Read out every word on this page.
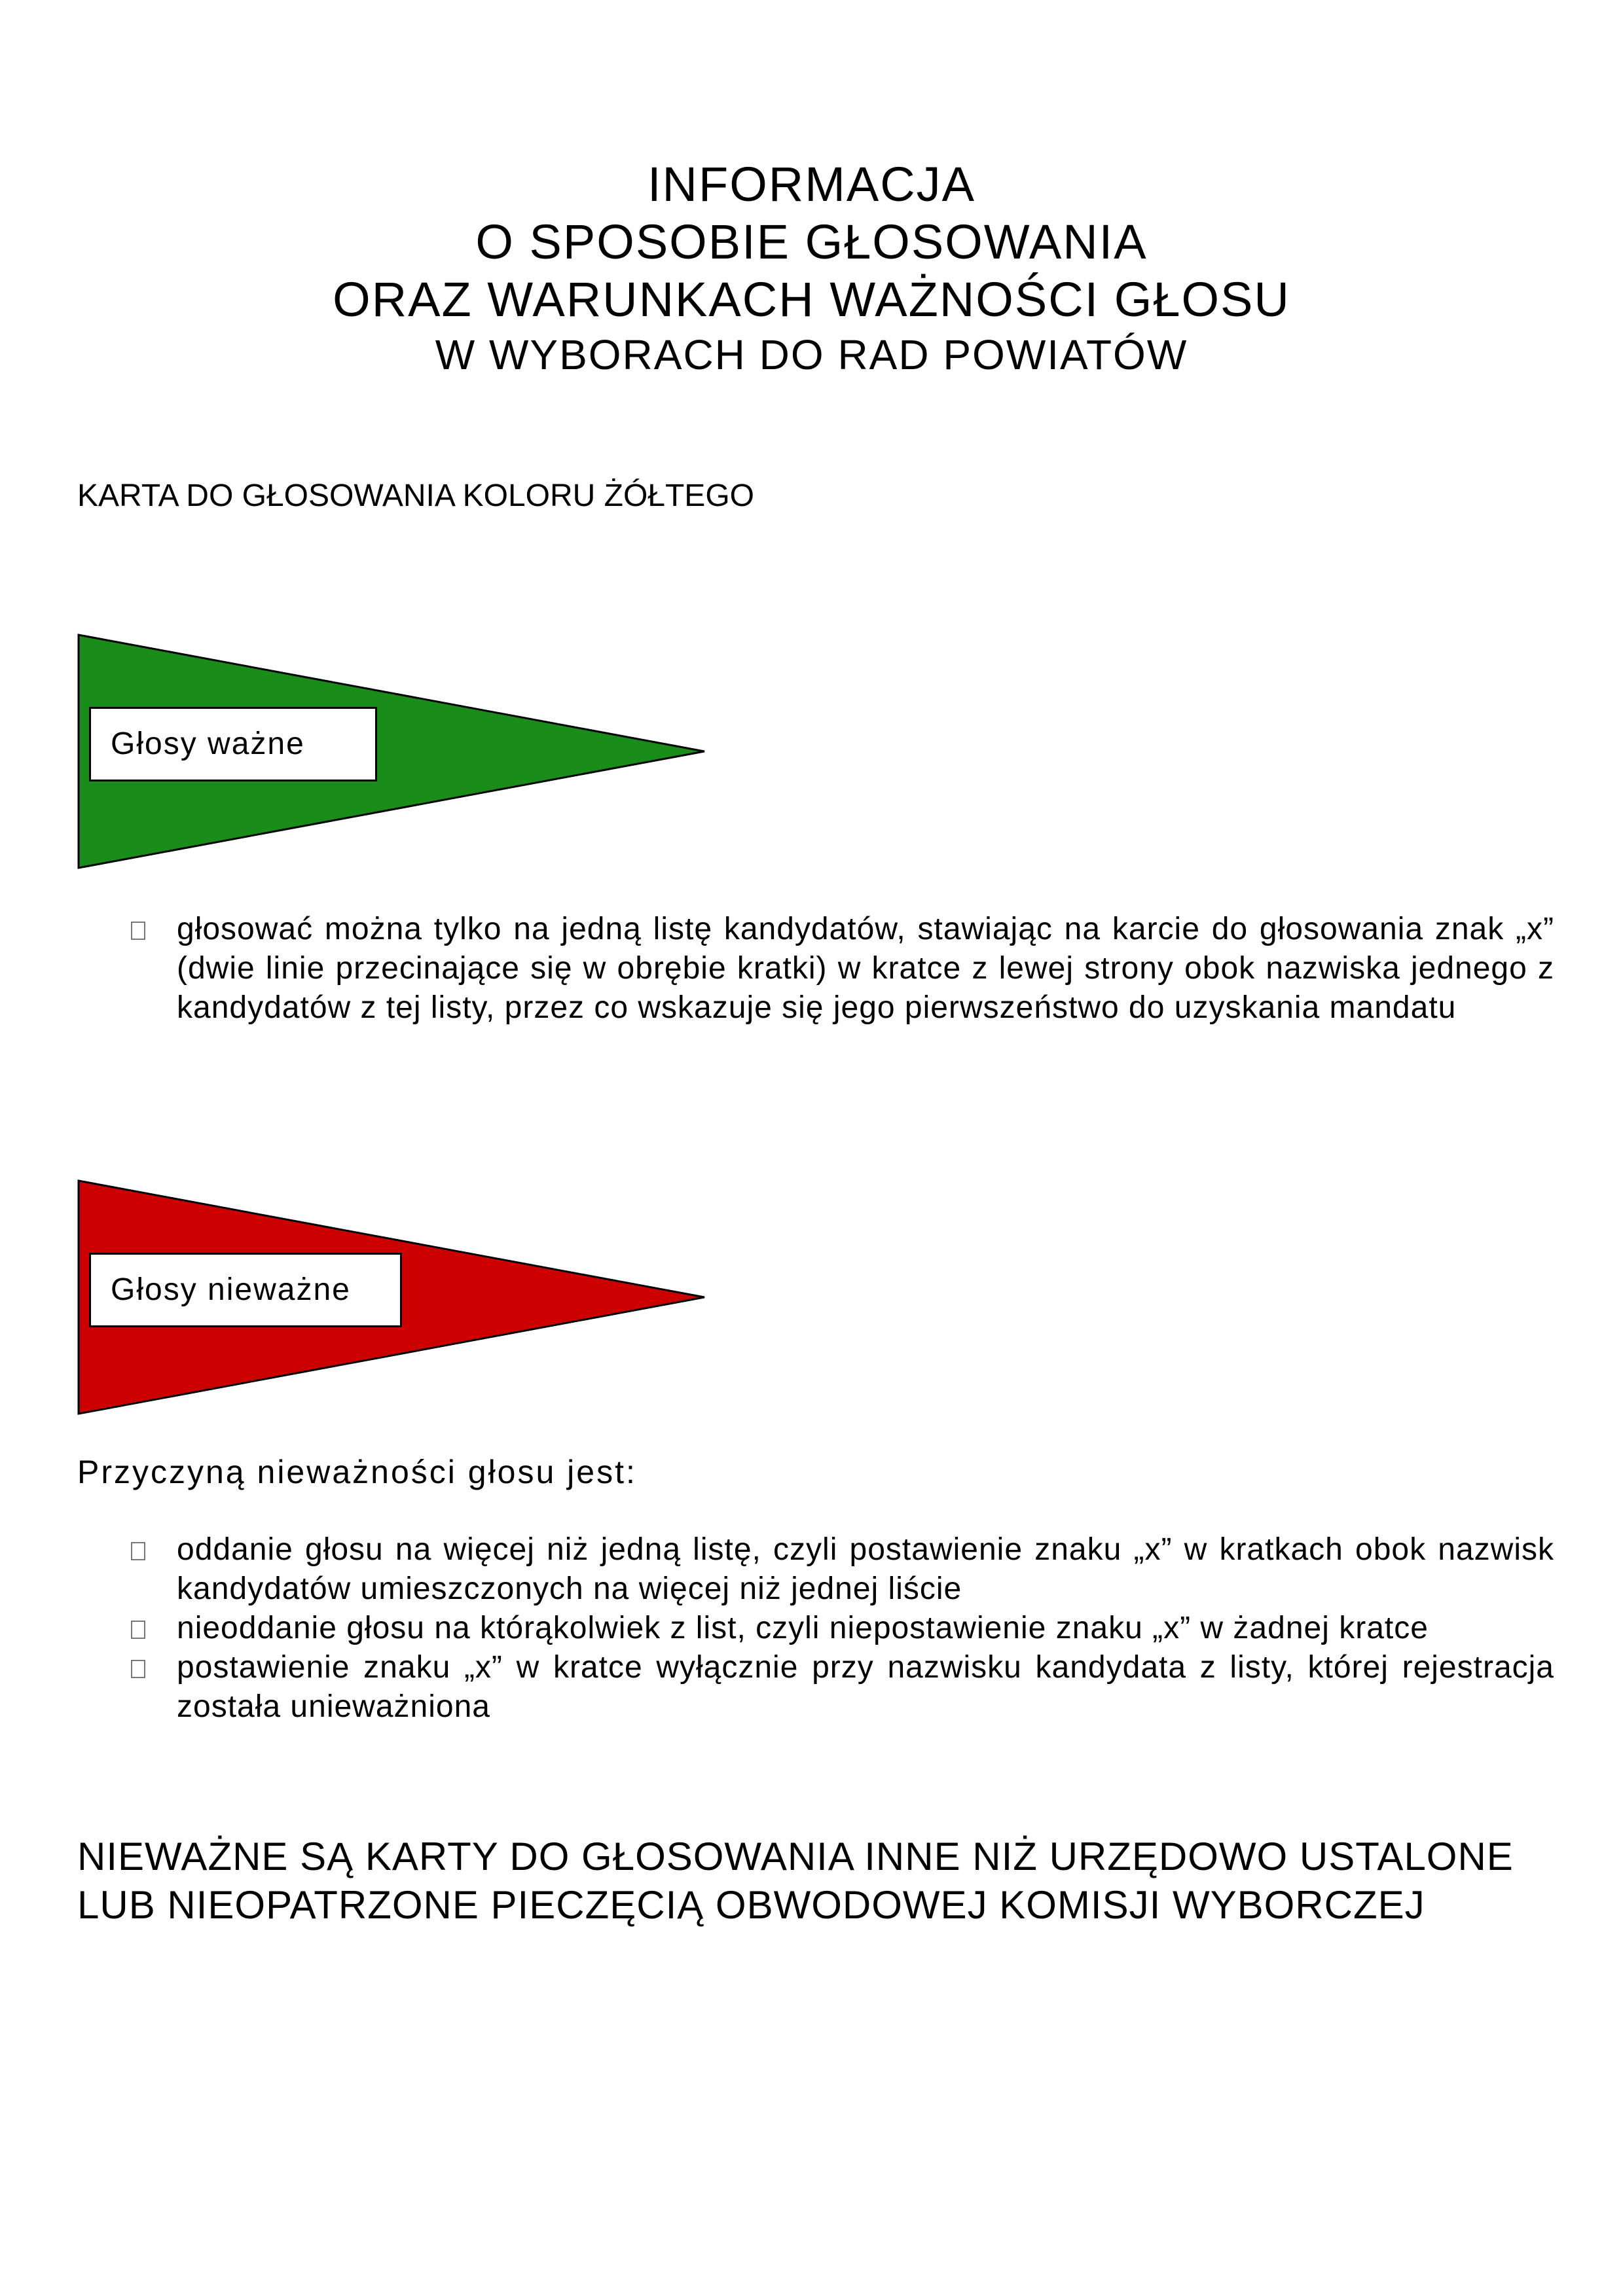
INFORMACJA
O SPOSOBIE GŁOSOWANIA
ORAZ WARUNKACH WAŻNOŚCI GŁOSU
W WYBORACH DO RAD POWIATÓW
KARTA DO GŁOSOWANIA KOLORU ŻÓŁTEGO
Głosy ważne
głosować można tylko na jedną listę kandydatów, stawiając na karcie do głosowania znak „x” (dwie linie przecinające się w obrębie kratki) w kratce z lewej strony obok nazwiska jednego z kandydatów z tej listy, przez co wskazuje się jego pierwszeństwo do uzyskania mandatu
Głosy nieważne
Przyczyną nieważności głosu jest:
oddanie głosu na więcej niż jedną listę, czyli postawienie znaku „x” w kratkach obok nazwisk kandydatów umieszczonych na więcej niż jednej liście
nieoddanie głosu na którąkolwiek z list, czyli niepostawienie znaku „x” w żadnej kratce
postawienie znaku „x” w kratce wyłącznie przy nazwisku kandydata z listy, której rejestracja została unieważniona
NIEWAŻNE SĄ KARTY DO GŁOSOWANIA INNE NIŻ URZĘDOWO USTALONE
LUB NIEOPATRZONE PIECZĘCIĄ OBWODOWEJ KOMISJI WYBORCZEJ
